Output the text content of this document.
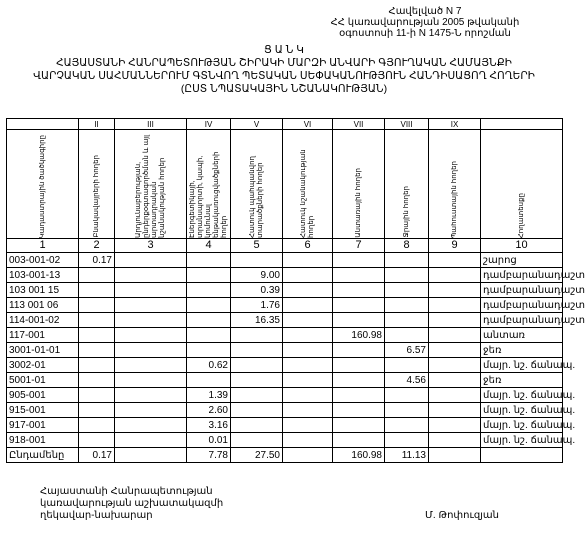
Հավելված N 7
ՀՀ կառավարության 2005 թվականի
օգոստոսի 11-ի N 1475-Ն որոշման
Ց Ա Ն Կ
ՀԱՅԱՍՏԱՆԻ ՀԱՆՐԱՊԵՏՈՒԹՅԱՆ ՇԻՐԱԿԻ ՄԱՐԶԻ ԱՆՎԱՐԻ ԳՅՈՒՂԱԿԱՆ ՀԱՄԱՅՆՔԻ
ՎԱՐՉԱԿԱՆ ՍԱՀՄԱՆՆԵՐՈՒՄ ԳՏՆՎՈՂ ՊԵՏԱԿԱՆ ՍԵՓԱԿԱՆՈՒԹՅՈՒՆ ՀԱՆԴԻՍԱՑՈՂ ՀՈՂԵՐԻ
(ԸՍՏ ՆՊԱՏԱԿԱՅԻՆ ՆՇԱՆԱԿՈՒԹՅԱՆ)
	II	III	IV	V	VI	VII	VIII	IX	

Կադաստրային ծածկագիրը	Բնակավայրերի հողեր	Արդյունաբերության, ընդերքօգտագործման և այլ արտադրական նշանակության հողեր	Էներգետիկայի, տրանսպորտի, կապի, կոմունալ ենթակառուցվածքների հողեր	Հատուկ պահպանվող տարածքների հողեր	Հատուկ նշանակության հողեր	Անտառային հողեր	Ջրային հողեր	Պահուստային հողեր	Հողատեսքը

1	2	3	4	5	6	7	8	9	10
003-001-02	0.17								շարոց
103-001-13				9.00					դամբարանադաշտ
103 001 15				0.39					դամբարանադաշտ
113 001 06				1.76					դամբարանադաշտ
114-001-02				16.35					դամբարանադաշտ
117-001						160.98			անտառ
3001-01-01							6.57		ջեռ
3002-01			0.62						մայր. նշ. ճանապ.
5001-01							4.56		ջեռ
905-001			1.39						մայր. նշ. ճանապ.
915-001			2.60						մայր. նշ. ճանապ.
917-001			3.16						մայր. նշ. ճանապ.
918-001			0.01						մայր. նշ. ճանապ.
Ընդամենը	0.17		7.78	27.50		160.98	11.13		
Հայաստանի Հանրապետության
կառավարության աշխատակազմի
ղեկավար-նախարար	Մ. Թոփուզյան
